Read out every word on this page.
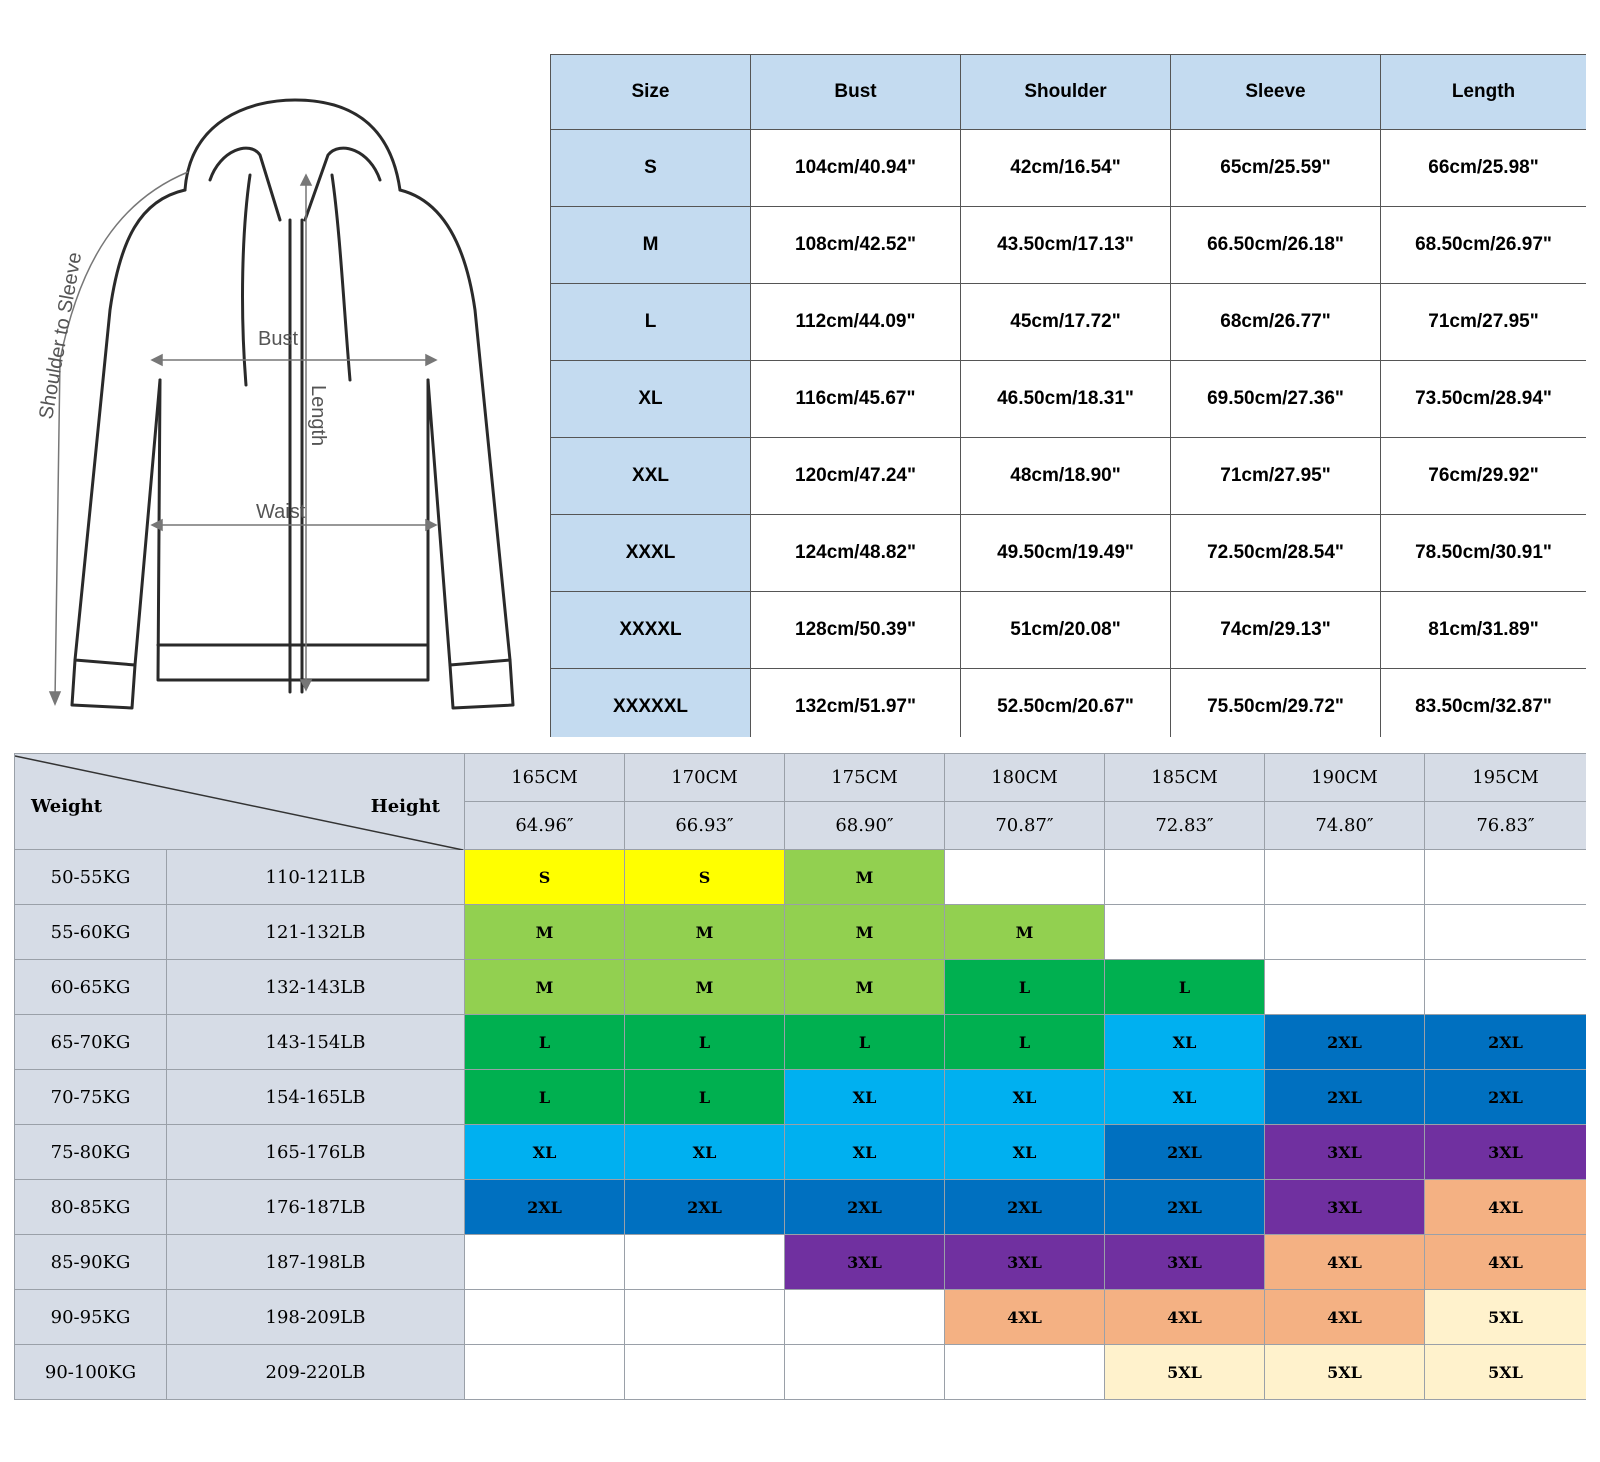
Shoulder to Sleeve	Bust
Length
Waist
Size	Bust	Shoulder	Sleeve	Length
S	104cm/40.94"	42cm/16.54"	65cm/25.59"	66cm/25.98"
M	108cm/42.52"	43.50cm/17.13"	66.50cm/26.18"	68.50cm/26.97"
L	112cm/44.09"	45cm/17.72"	68cm/26.77"	71cm/27.95"
XL	116cm/45.67"	46.50cm/18.31"	69.50cm/27.36"	73.50cm/28.94"
XXL	120cm/47.24"	48cm/18.90"	71cm/27.95"	76cm/29.92"
XXXL	124cm/48.82"	49.50cm/19.49"	72.50cm/28.54"	78.50cm/30.91"
XXXXL	128cm/50.39"	51cm/20.08"	74cm/29.13"	81cm/31.89"
XXXXXL	132cm/51.97"	52.50cm/20.67"	75.50cm/29.72"	83.50cm/32.87"
Weight Height		165CM	170CM	175CM	180CM	185CM	190CM	195CM
		64.96″	66.93″	68.90″	70.87″	72.83″	74.80″	76.83″
50-55KG	110-121LB	S	S	M				
55-60KG	121-132LB	M	M	M	M			
60-65KG	132-143LB	M	M	M	L	L		
65-70KG	143-154LB	L	L	L	L	XL	2XL	2XL
70-75KG	154-165LB	L	L	XL	XL	XL	2XL	2XL
75-80KG	165-176LB	XL	XL	XL	XL	2XL	3XL	3XL
80-85KG	176-187LB	2XL	2XL	2XL	2XL	2XL	3XL	4XL
85-90KG	187-198LB			3XL	3XL	3XL	4XL	4XL
90-95KG	198-209LB				4XL	4XL	4XL	5XL
90-100KG	209-220LB					5XL	5XL	5XL
